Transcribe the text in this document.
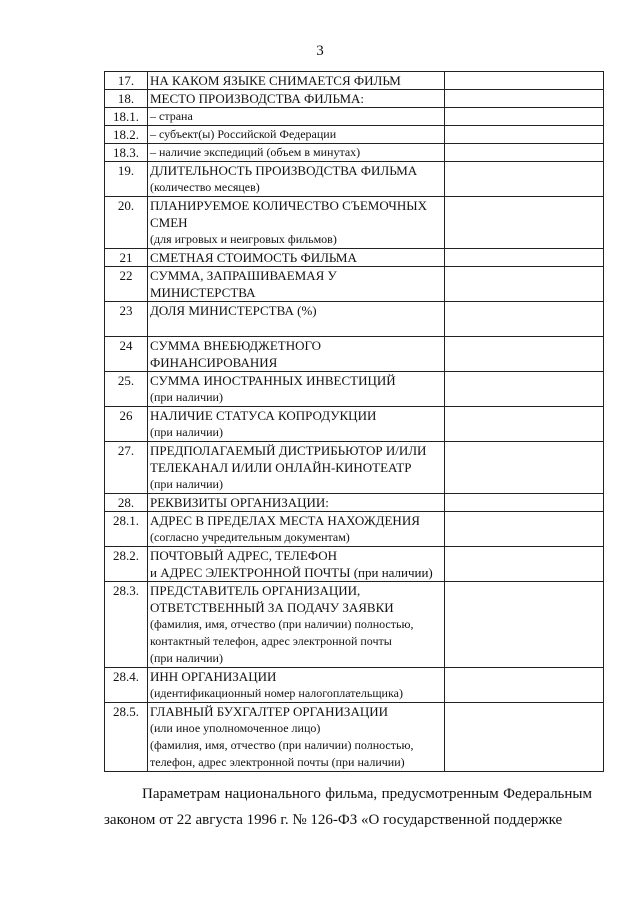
3
17.	НА КАКОМ ЯЗЫКЕ СНИМАЕТСЯ ФИЛЬМ	

18.	МЕСТО ПРОИЗВОДСТВА ФИЛЬМА:	

18.1.	– страна	

18.2.	– субъект(ы) Российской Федерации	

18.3.	– наличие экспедиций (объем в минутах)	

19.	ДЛИТЕЛЬНОСТЬ ПРОИЗВОДСТВА ФИЛЬМА
(количество месяцев)	

20.	ПЛАНИРУЕМОЕ КОЛИЧЕСТВО СЪЕМОЧНЫХ
СМЕН
(для игровых и неигровых фильмов)	

21	СМЕТНАЯ СТОИМОСТЬ ФИЛЬМА	

22	СУММА, ЗАПРАШИВАЕМАЯ У
МИНИСТЕРСТВА	

23	ДОЛЯ МИНИСТЕРСТВА (%)	

24	СУММА ВНЕБЮДЖЕТНОГО
ФИНАНСИРОВАНИЯ	

25.	СУММА ИНОСТРАННЫХ ИНВЕСТИЦИЙ
(при наличии)	

26	НАЛИЧИЕ СТАТУСА КОПРОДУКЦИИ
(при наличии)	

27.	ПРЕДПОЛАГАЕМЫЙ ДИСТРИБЬЮТОР И/ИЛИ
ТЕЛЕКАНАЛ И/ИЛИ ОНЛАЙН-КИНОТЕАТР
(при наличии)	

28.	РЕКВИЗИТЫ ОРГАНИЗАЦИИ:	

28.1.	АДРЕС В ПРЕДЕЛАХ МЕСТА НАХОЖДЕНИЯ
(согласно учредительным документам)	

28.2.	ПОЧТОВЫЙ АДРЕС, ТЕЛЕФОН
и АДРЕС ЭЛЕКТРОННОЙ ПОЧТЫ (при наличии)	

28.3.	ПРЕДСТАВИТЕЛЬ ОРГАНИЗАЦИИ,
ОТВЕТСТВЕННЫЙ ЗА ПОДАЧУ ЗАЯВКИ
(фамилия, имя, отчество (при наличии) полностью,
контактный телефон, адрес электронной почты
(при наличии)	

28.4.	ИНН ОРГАНИЗАЦИИ
(идентификационный номер налогоплательщика)	

28.5.	ГЛАВНЫЙ БУХГАЛТЕР ОРГАНИЗАЦИИ
(или иное уполномоченное лицо)
(фамилия, имя, отчество (при наличии) полностью,
телефон, адрес электронной почты (при наличии)	

Параметрам национального фильма, предусмотренным Федеральным законом от 22 августа 1996 г. № 126-ФЗ «О государственной поддержке
